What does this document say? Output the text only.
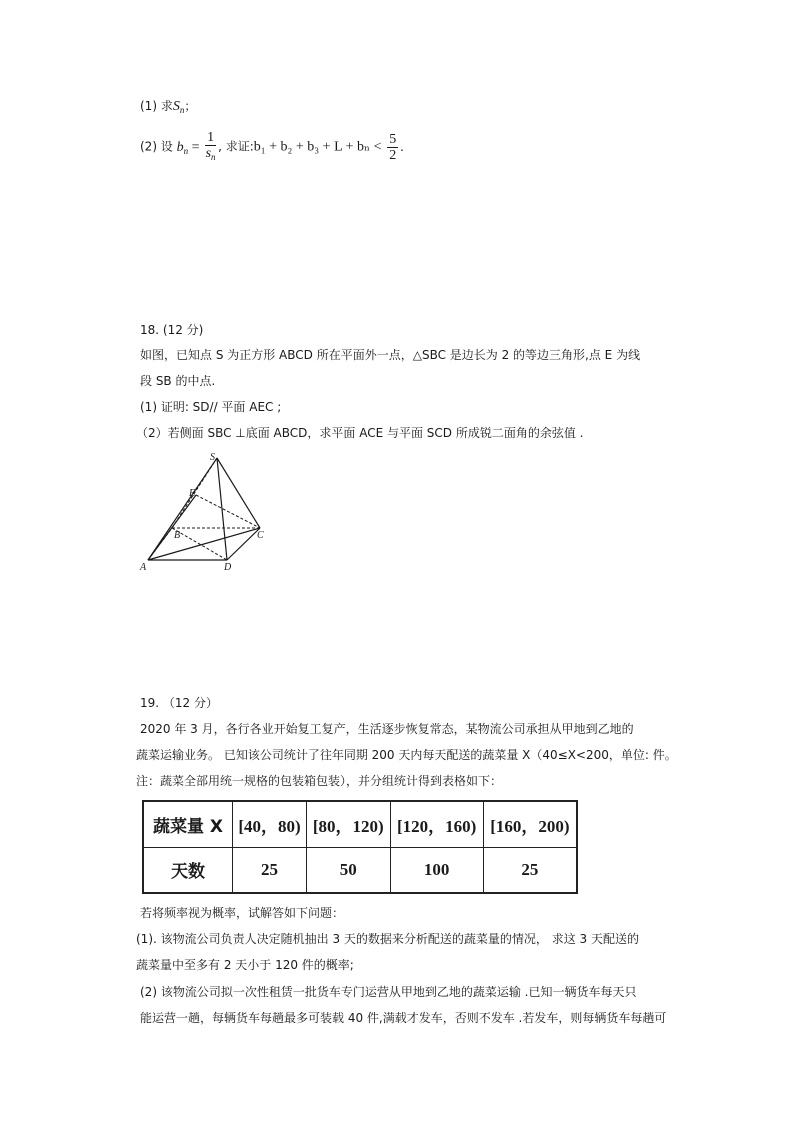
(1) 求$S_n$；
(2) 设 $b_n = \frac{1}{s_n}$ , 求证:b₁ + $b_2 + b_3 + L + b_n < \frac{5}{2}$ .
18. (12 分)
如图，已知点 S 为正方形 ABCD 所在平面外一点，△SBC 是边长为 2 的等边三角形,点 E 为线
段 SB 的中点.
(1) 证明: SD// 平面 AEC ;
（2）若侧面 SBC ⊥底面 ABCD，求平面 ACE 与平面 SCD 所成锐二面角的余弦值 .
S
E
B	C
A	D
19. （12 分）
2020 年 3 月，各行各业开始复工复产，生活逐步恢复常态，某物流公司承担从甲地到乙地的
蔬菜运输业务。 已知该公司统计了往年同期 200 天内每天配送的蔬菜量 X（40≤X<200，单位: 件。
注：蔬菜全部用统一规格的包装箱包装），并分组统计得到表格如下：
蔬菜量 X	[40，80)	[80，120)	[120，160)	[160，200)
天数	25	50	100	25
若将频率视为概率，试解答如下问题：
(1). 该物流公司负责人决定随机抽出 3 天的数据来分析配送的蔬菜量的情况， 求这 3 天配送的
蔬菜量中至多有 2 天小于 120 件的概率;
(2) 该物流公司拟一次性租赁一批货车专门运营从甲地到乙地的蔬菜运输 .已知一辆货车每天只
能运营一趟，每辆货车每趟最多可装载 40 件,满载才发车，否则不发车 .若发车，则每辆货车每趟可
